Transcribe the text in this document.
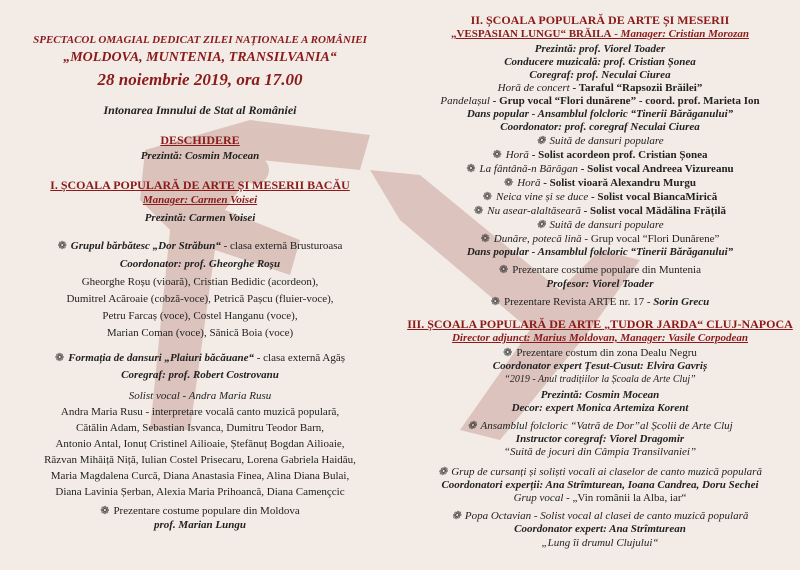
SPECTACOL OMAGIAL DEDICAT ZILEI NAȚIONALE A ROMÂNIEI
„MOLDOVA, MUNTENIA, TRANSILVANIA“
28 noiembrie 2019, ora 17.00
Intonarea Imnului de Stat al României
DESCHIDERE
Prezintă: Cosmin Mocean
I. ȘCOALA POPULARĂ DE ARTE ȘI MESERII BACĂU
Manager: Carmen Voisei
Prezintă: Carmen Voisei
❁ Grupul bărbătesc „Dor Străbun“ - clasa externă Brusturoasa
Coordonator: prof. Gheorghe Roșu
Gheorghe Roșu (vioară), Cristian Bedidic (acordeon),
Dumitrel Acăroaie (cobză-voce), Petrică Pașcu (fluier-voce),
Petru Farcaș (voce), Costel Hanganu (voce),
Marian Coman (voce), Sănică Boia (voce)
❁ Formația de dansuri „Plaiuri băcăuane“ - clasa externă Agăș
Coregraf: prof. Robert Costrovanu
Solist vocal - Andra Maria Rusu
Andra Maria Rusu - interpretare vocală canto muzică populară,
Cătălin Adam, Sebastian Isvanca, Dumitru Teodor Barn,
Antonio Antal, Ionuț Cristinel Ailioaie, Ștefănuț Bogdan Ailioaie,
Răzvan Mihăiță Niță, Iulian Costel Prisecaru, Lorena Gabriela Haidău,
Maria Magdalena Curcă, Diana Anastasia Finea, Alina Diana Bulai,
Diana Lavinia Șerban, Alexia Maria Prihoancă, Diana Camençcic
❁ Prezentare costume populare din Moldova
prof. Marian Lungu
II. ȘCOALA POPULARĂ DE ARTE ȘI MESERII
„VESPASIAN LUNGU“ BRĂILA - Manager: Cristian Morozan
Prezintă: prof. Viorel Toader
Conducere muzicală: prof. Cristian Șonea
Coregraf: prof. Neculai Ciurea
Horă de concert - Taraful “Rapsozii Brăilei”
Pandelașul - Grup vocal “Flori dunărene” - coord. prof. Marieta Ion
Dans popular - Ansamblul folcloric “Tinerii Bărăganului”
Coordonator: prof. coregraf Neculai Ciurea
❁ Suită de dansuri populare
❁ Horă - Solist acordeon prof. Cristian Șonea
❁ La fântână-n Bărăgan - Solist vocal Andreea Vizureanu
❁ Horă - Solist vioară Alexandru Murgu
❁ Neica vine și se duce - Solist vocal BiancaMirică
❁ Nu asear-alaltăseară - Solist vocal Mădălina Frățilă
❁ Suită de dansuri populare
❁ Dunăre, potecă lină - Grup vocal “Flori Dunărene”
Dans popular - Ansamblul folcloric “Tinerii Bărăganului”
❁ Prezentare costume populare din Muntenia
Profesor: Viorel Toader
❁ Prezentare Revista ARTE nr. 17 - Sorin Grecu
III. ȘCOALA POPULARĂ DE ARTE „TUDOR JARDA“ CLUJ-NAPOCA
Director adjunct: Marius Moldovan, Manager: Vasile Corpodean
❁ Prezentare costum din zona Dealu Negru
Coordonator expert Țesut-Cusut: Elvira Gavriș
“2019 - Anul tradițiilor la Școala de Arte Cluj”
Prezintă: Cosmin Mocean
Decor: expert Monica Artemiza Korent
❁ Ansamblul folcloric “Vatră de Dor”al Școlii de Arte Cluj
Instructor coregraf: Viorel Dragomir
“Suită de jocuri din Câmpia Transilvaniei”
❁ Grup de cursanți și soliști vocali ai claselor de canto muzică populară
Coordonatori experții: Ana Strîmturean, Ioana Candrea, Doru Sechei
Grup vocal - „Vin românii la Alba, iar“
❁ Popa Octavian - Solist vocal al clasei de canto muzică populară
Coordonator expert: Ana Strîmturean
„Lung îi drumul Clujului“
